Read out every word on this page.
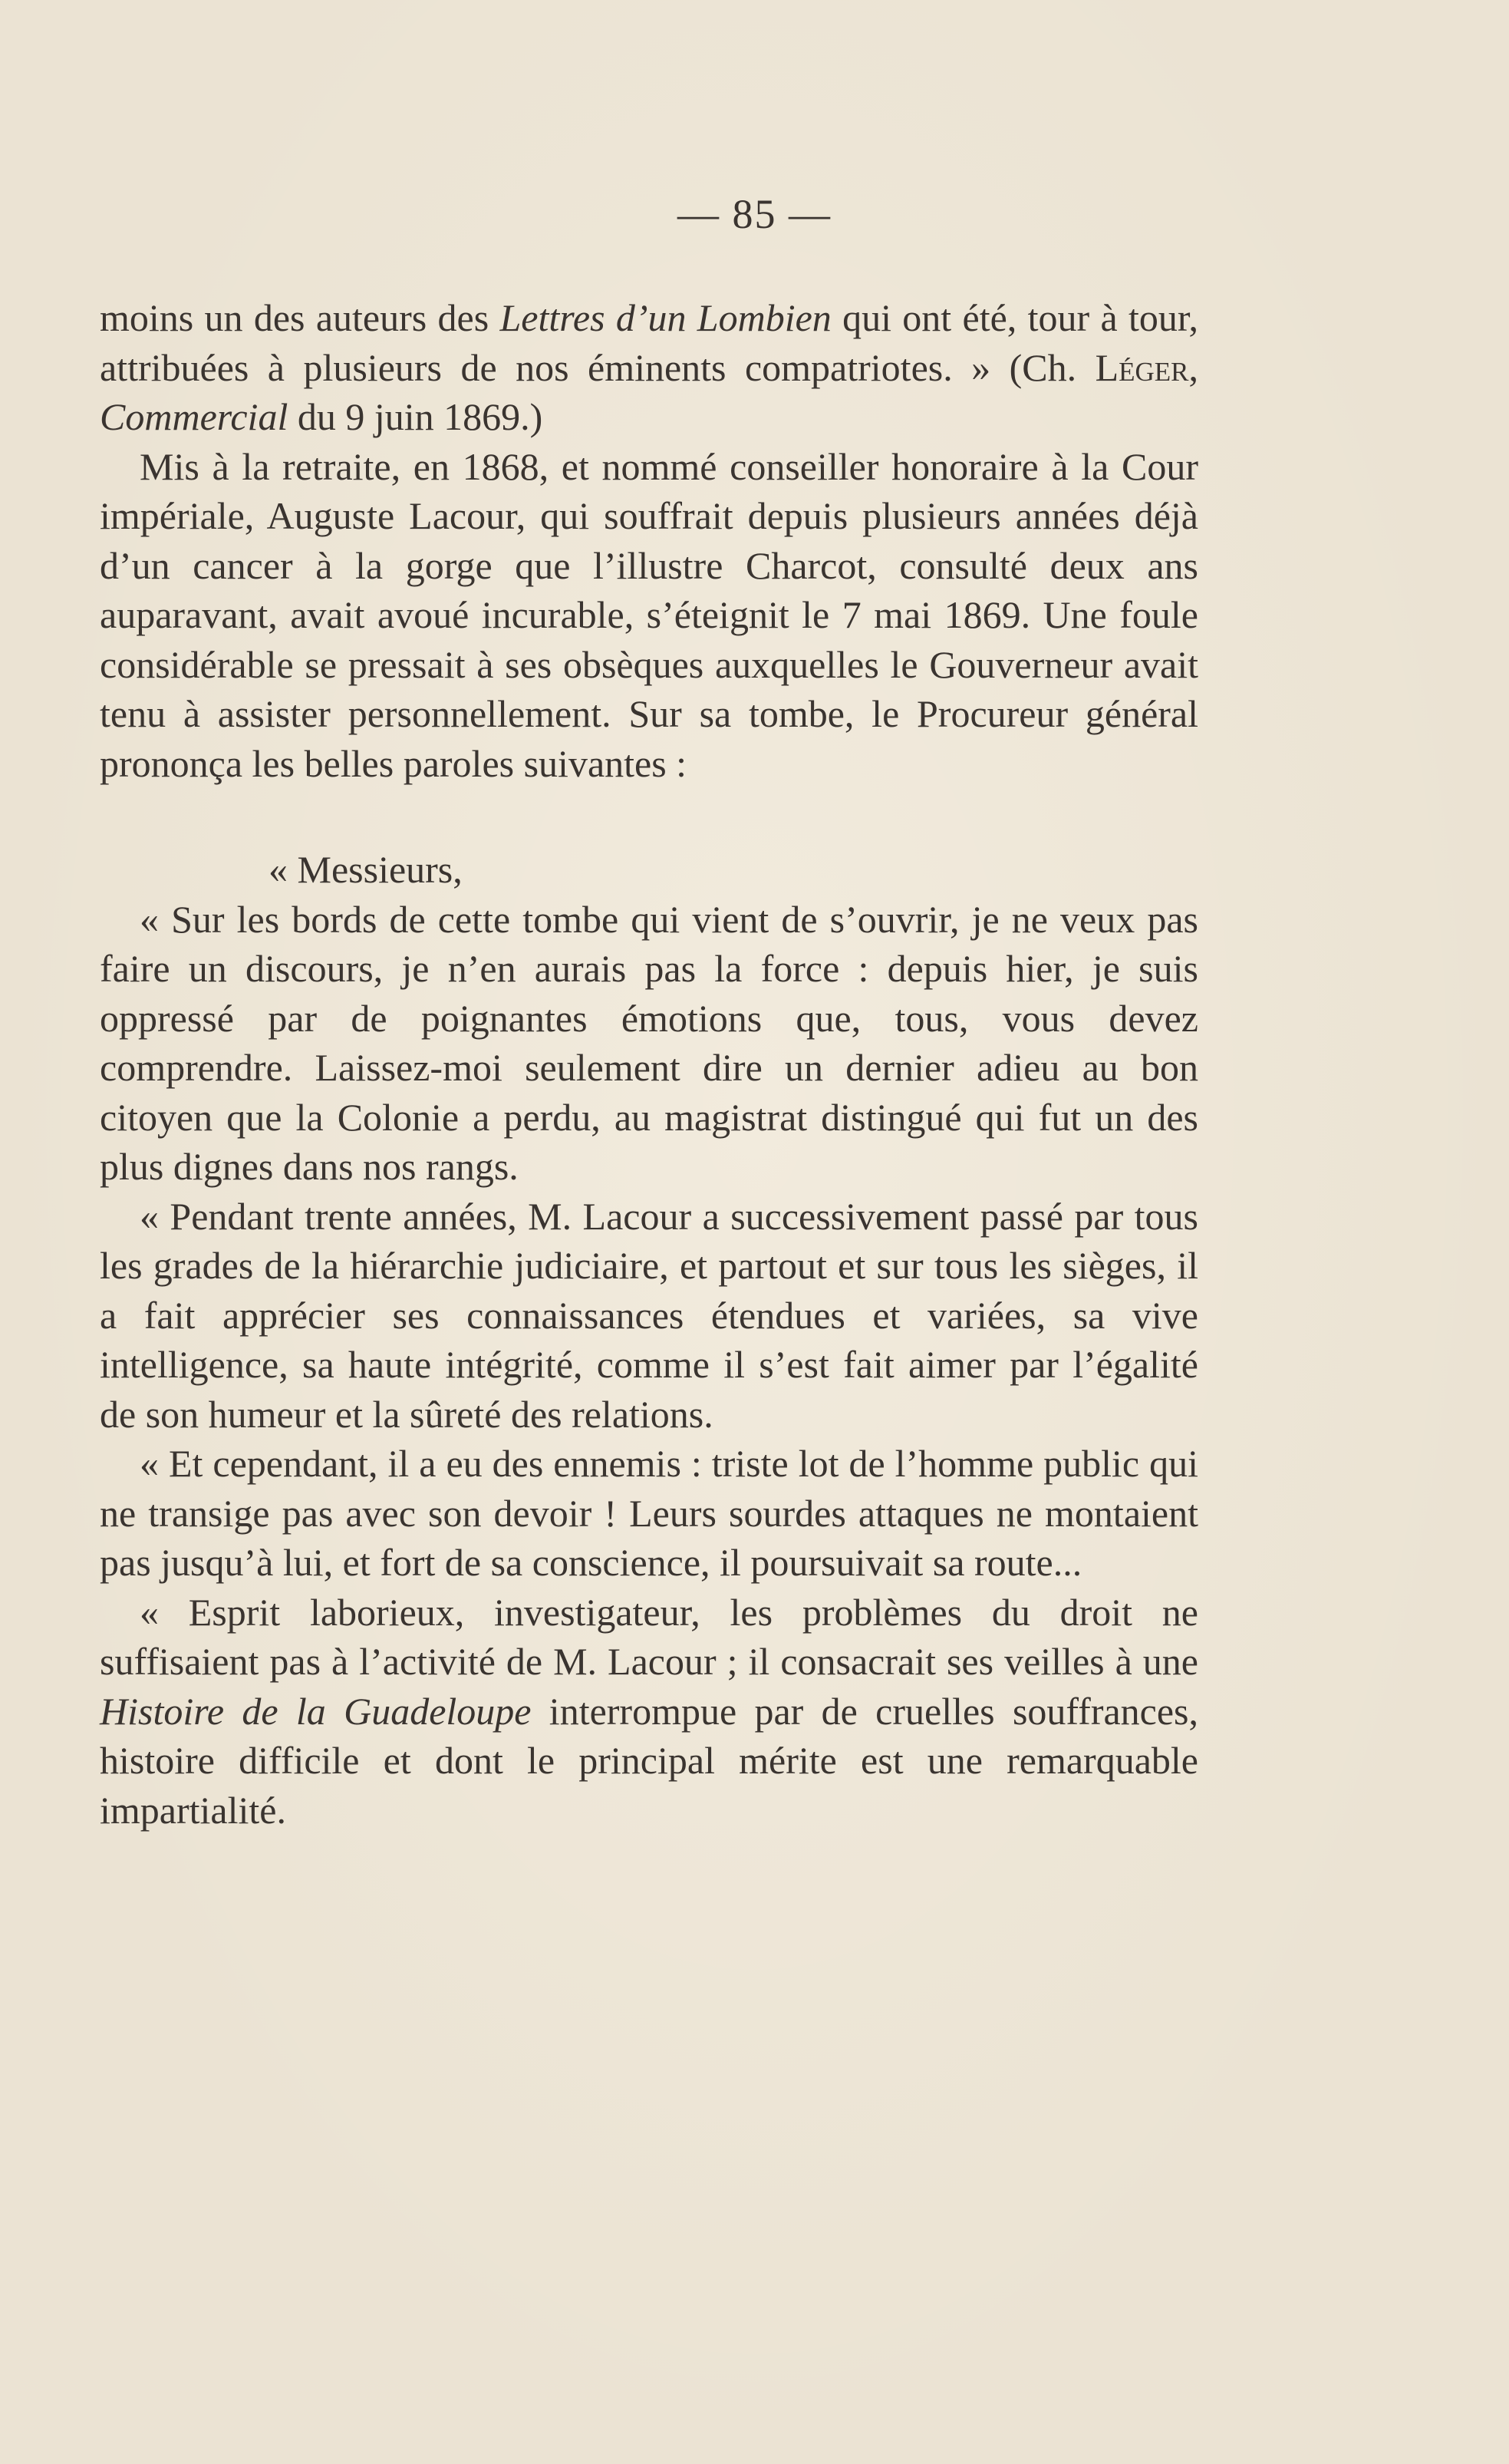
— 85 —

moins un des auteurs des Lettres d’un Lombien qui ont été, tour à tour, attribuées à plusieurs de nos éminents compatriotes. » (Ch. Léger, Commercial du 9 juin 1869.)

Mis à la retraite, en 1868, et nommé conseiller honoraire à la Cour impériale, Auguste Lacour, qui souffrait depuis plusieurs années déjà d’un cancer à la gorge que l’illustre Charcot, consulté deux ans auparavant, avait avoué incurable, s’éteignit le 7 mai 1869. Une foule considérable se pressait à ses obsèques auxquelles le Gouverneur avait tenu à assister personnellement. Sur sa tombe, le Procureur général prononça les belles paroles suivantes :

« Messieurs,

« Sur les bords de cette tombe qui vient de s’ouvrir, je ne veux pas faire un discours, je n’en aurais pas la force : depuis hier, je suis oppressé par de poignantes émotions que, tous, vous devez comprendre. Laissez-moi seulement dire un dernier adieu au bon citoyen que la Colonie a perdu, au magistrat distingué qui fut un des plus dignes dans nos rangs.

« Pendant trente années, M. Lacour a successivement passé par tous les grades de la hiérarchie judiciaire, et partout et sur tous les sièges, il a fait apprécier ses connaissances étendues et variées, sa vive intelligence, sa haute intégrité, comme il s’est fait aimer par l’égalité de son humeur et la sûreté des relations.

« Et cependant, il a eu des ennemis : triste lot de l’homme public qui ne transige pas avec son devoir ! Leurs sourdes attaques ne montaient pas jusqu’à lui, et fort de sa conscience, il poursuivait sa route...

« Esprit laborieux, investigateur, les problèmes du droit ne suffisaient pas à l’activité de M. Lacour ; il consacrait ses veilles à une Histoire de la Guadeloupe interrompue par de cruelles souffrances, histoire difficile et dont le principal mérite est une remarquable impartialité.
